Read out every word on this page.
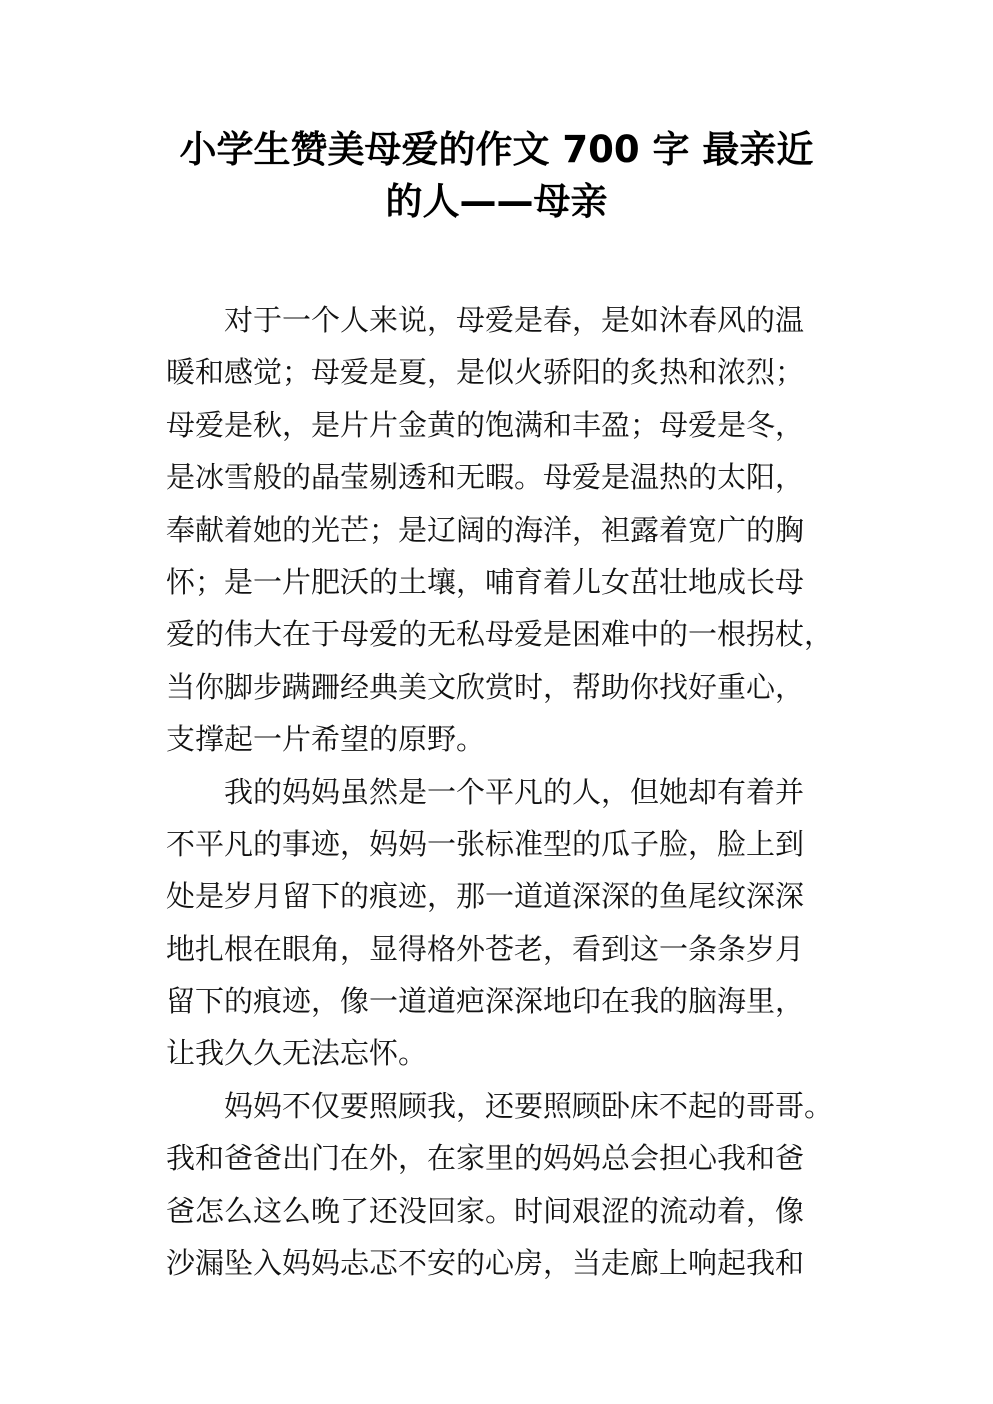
小学生赞美母爱的作文 700 字 最亲近
的人——母亲
对于一个人来说，母爱是春，是如沐春风的温
暖和感觉；母爱是夏，是似火骄阳的炙热和浓烈；
母爱是秋，是片片金黄的饱满和丰盈；母爱是冬，
是冰雪般的晶莹剔透和无暇。母爱是温热的太阳，
奉献着她的光芒；是辽阔的海洋，袒露着宽广的胸
怀；是一片肥沃的土壤，哺育着儿女茁壮地成长母
爱的伟大在于母爱的无私母爱是困难中的一根拐杖，
当你脚步蹒跚经典美文欣赏时，帮助你找好重心，
支撑起一片希望的原野。
我的妈妈虽然是一个平凡的人，但她却有着并
不平凡的事迹，妈妈一张标准型的瓜子脸，脸上到
处是岁月留下的痕迹，那一道道深深的鱼尾纹深深
地扎根在眼角，显得格外苍老，看到这一条条岁月
留下的痕迹，像一道道疤深深地印在我的脑海里，
让我久久无法忘怀。
妈妈不仅要照顾我，还要照顾卧床不起的哥哥。
我和爸爸出门在外，在家里的妈妈总会担心我和爸
爸怎么这么晚了还没回家。时间艰涩的流动着，像
沙漏坠入妈妈忐忑不安的心房，当走廊上响起我和
